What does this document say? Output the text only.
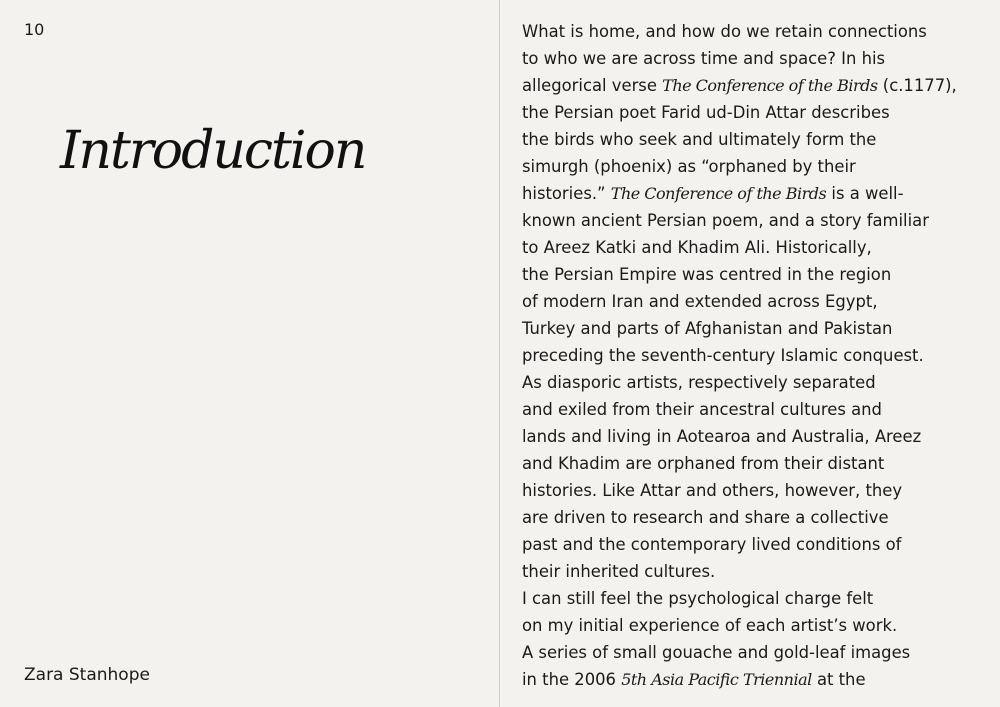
10
Introduction
Zara Stanhope

What is home, and how do we retain connections
to who we are across time and space? In his
allegorical verse The Conference of the Birds (c.1177),
the Persian poet Farid ud-Din Attar describes
the birds who seek and ultimately form the
simurgh (phoenix) as “orphaned by their
histories.” The Conference of the Birds is a well-
known ancient Persian poem, and a story familiar
to Areez Katki and Khadim Ali. Historically,
the Persian Empire was centred in the region
of modern Iran and extended across Egypt,
Turkey and parts of Afghanistan and Pakistan
preceding the seventh-century Islamic conquest.
As diasporic artists, respectively separated
and exiled from their ancestral cultures and
lands and living in Aotearoa and Australia, Areez
and Khadim are orphaned from their distant
histories. Like Attar and others, however, they
are driven to research and share a collective
past and the contemporary lived conditions of
their inherited cultures.
I can still feel the psychological charge felt
on my initial experience of each artist’s work.
A series of small gouache and gold-leaf images
in the 2006 5th Asia Pacific Triennial at the
